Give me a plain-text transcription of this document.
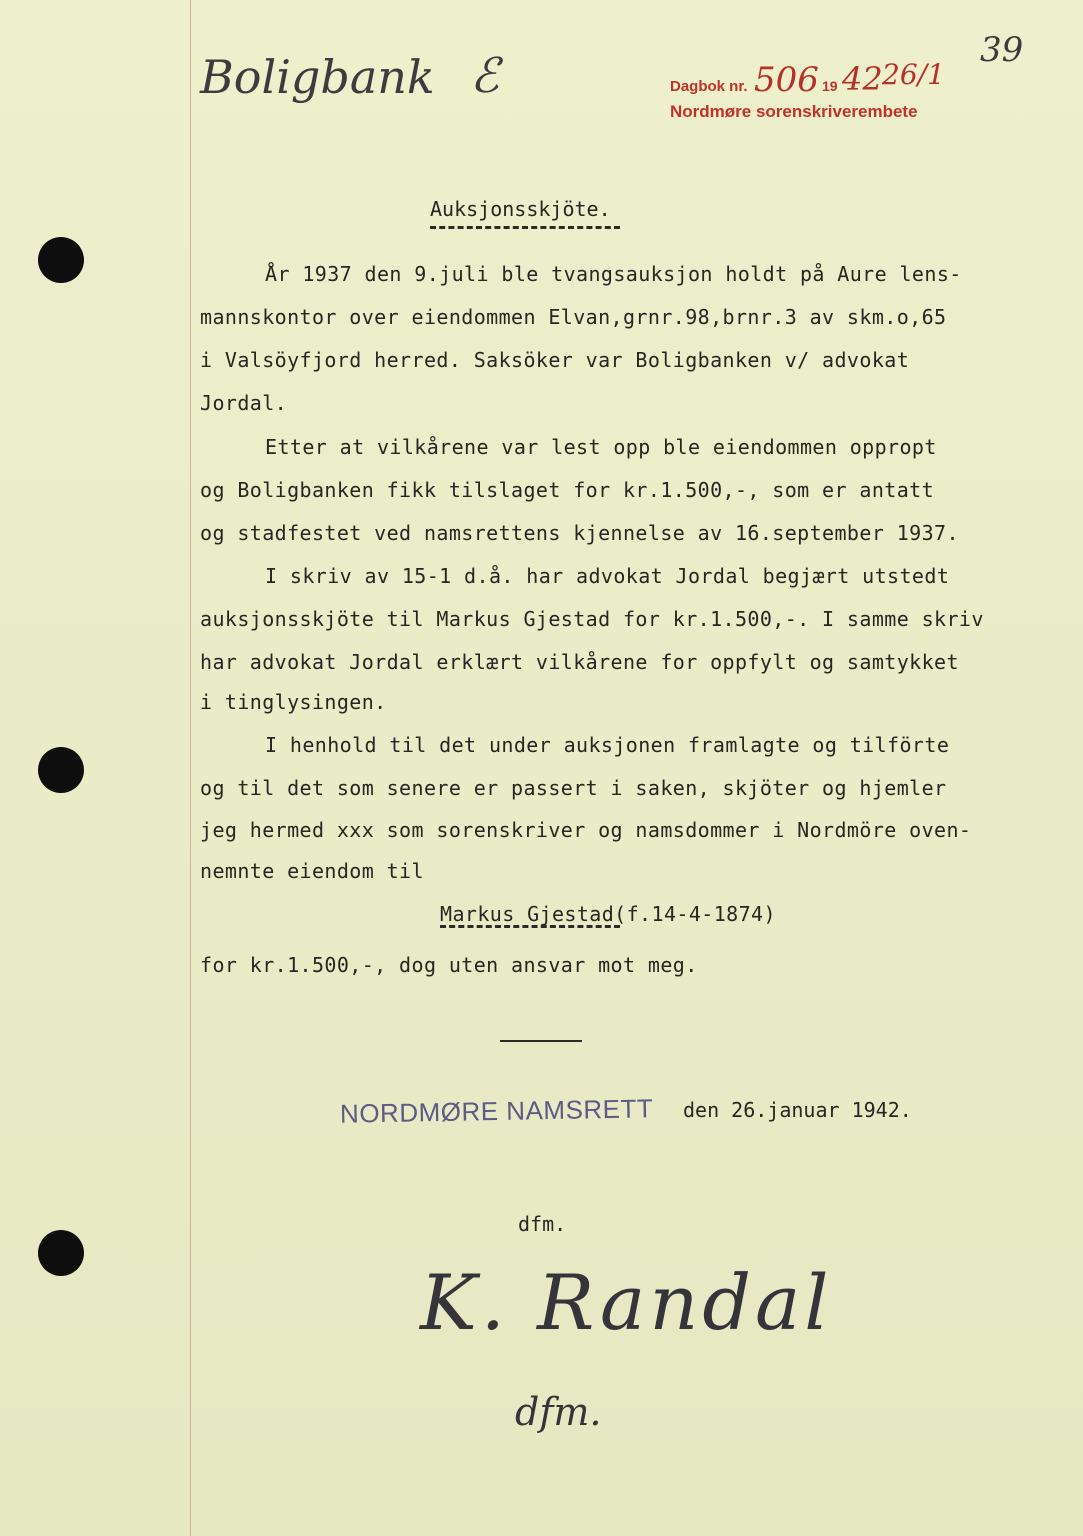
Boligbank ℰ	39
Dagbok nr. 506 19 42 26/1
Nordmøre sorenskriverembete
Auksjonsskjöte.
År 1937 den 9.juli ble tvangsauksjon holdt på Aure lens-
mannskontor over eiendommen Elvan,grnr.98,brnr.3 av skm.o,65
i Valsöyfjord herred. Saksöker var Boligbanken v/ advokat
Jordal.
Etter at vilkårene var lest opp ble eiendommen oppropt
og Boligbanken fikk tilslaget for kr.1.500,-, som er antatt
og stadfestet ved namsrettens kjennelse av 16.september 1937.
I skriv av 15-1 d.å. har advokat Jordal begjært utstedt
auksjonsskjöte til Markus Gjestad for kr.1.500,-. I samme skriv
har advokat Jordal erklært vilkårene for oppfylt og samtykket
i tinglysingen.
I henhold til det under auksjonen framlagte og tilförte
og til det som senere er passert i saken, skjöter og hjemler
jeg hermed xxx som sorenskriver og namsdommer i Nordmöre oven-
nemnte eiendom til
Markus Gjestad(f.14-4-1874)
for kr.1.500,-, dog uten ansvar mot meg.
NORDMØRE NAMSRETT den 26.januar 1942.
dfm.
K. Randal
dfm.
